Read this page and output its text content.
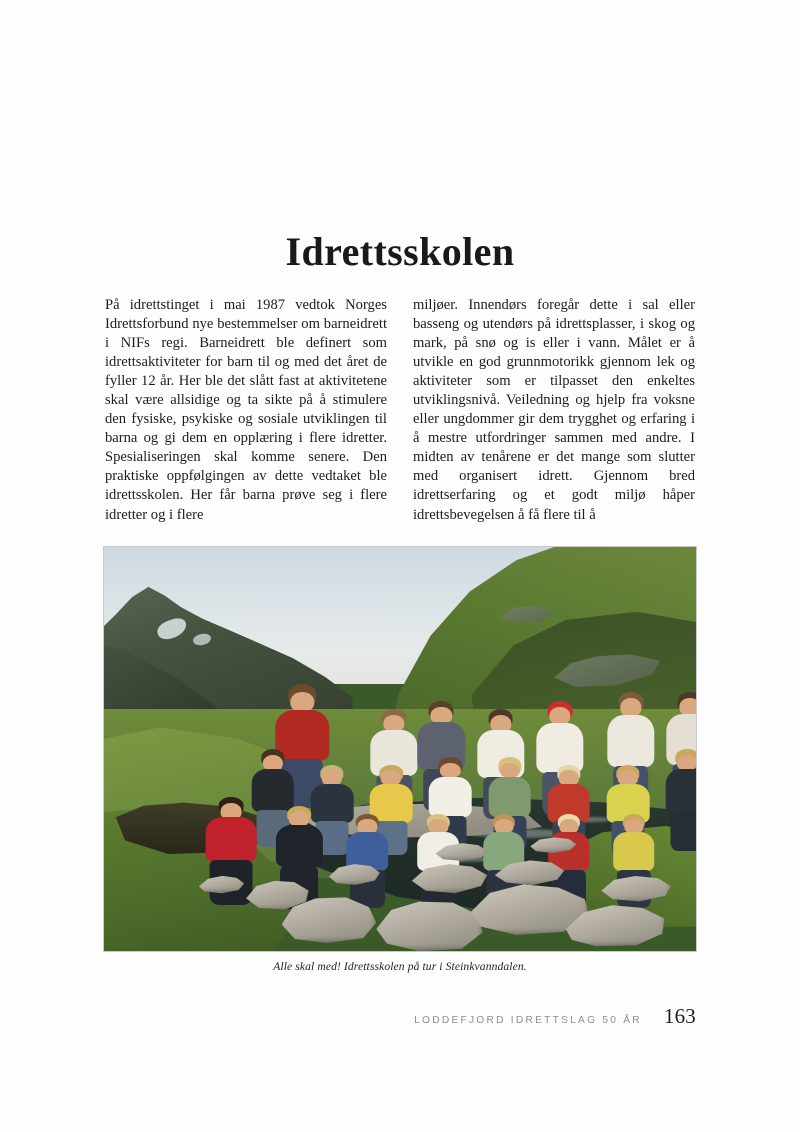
Idrettsskolen

På idrettstinget i mai 1987 vedtok Norges Idrettsforbund nye bestemmelser om barneidrett i NIFs regi. Barneidrett ble definert som idrettsaktiviteter for barn til og med det året de fyller 12 år. Her ble det slått fast at aktivitetene skal være allsidige og ta sikte på å stimulere den fysiske, psykiske og sosiale utviklingen til barna og gi dem en opplæring i flere idretter. Spesialiseringen skal komme senere. Den praktiske oppfølgingen av dette vedtaket ble idrettsskolen. Her får barna prøve seg i flere idretter og i flere

miljøer. Innendørs foregår dette i sal eller basseng og utendørs på idrettsplasser, i skog og mark, på snø og is eller i vann. Målet er å utvikle en god grunnmotorikk gjennom lek og aktiviteter som er tilpasset den enkeltes utviklingsnivå. Veiledning og hjelp fra voksne eller ungdommer gir dem trygghet og erfaring i å mestre utfordringer sammen med andre. I midten av tenårene er det mange som slutter med organisert idrett. Gjennom bred idrettserfaring og et godt miljø håper idrettsbevegelsen å få flere til å

Alle skal med! Idrettsskolen på tur i Steinkvanndalen.
LODDEFJORD IDRETTSLAG 50 ÅR 163
